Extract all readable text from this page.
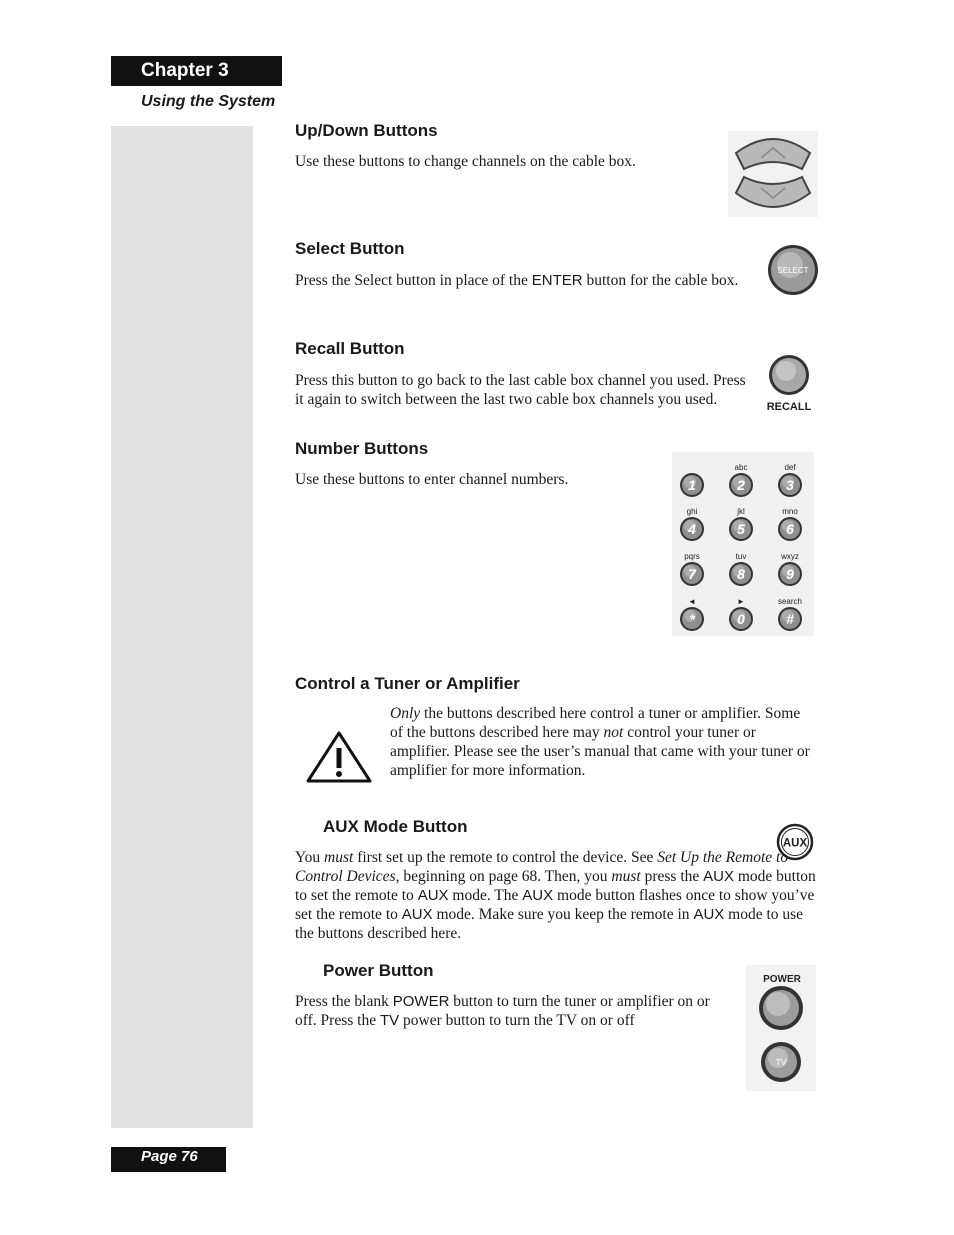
Chapter 3
Using the System
Up/Down Buttons

Use these buttons to change channels on the cable box.

Select Button

Press the Select button in place of the ENTER button for the cable box.

SELECT
Recall Button

Press this button to go back to the last cable box channel you used. Press it again to switch between the last two cable box channels you used.	RECALL
Number Buttons

Use these buttons to enter channel numbers.	1	2
abc
3
def
4
ghi
5
jkl
6
mno
7
pqrs
8
tuv
9
wxyz
*
◄
0
►
#
search
Control a Tuner or Amplifier

Only the buttons described here control a tuner or amplifier. Some of the buttons described here may not control your tuner or amplifier. Please see the user’s manual that came with your tuner or amplifier for more information.

AUX Mode Button
AUX

You must first set up the remote to control the device. See Set Up the Remote to Control Devices, beginning on page 68. Then, you must press the AUX mode button to set the remote to AUX mode. The AUX mode button flashes once to show you’ve set the remote to AUX mode. Make sure you keep the remote in AUX mode to use the buttons described here.

Power Button

Press the blank POWER button to turn the tuner or amplifier on or off. Press the TV power button to turn the TV on or off

POWER
TV
Page 76
